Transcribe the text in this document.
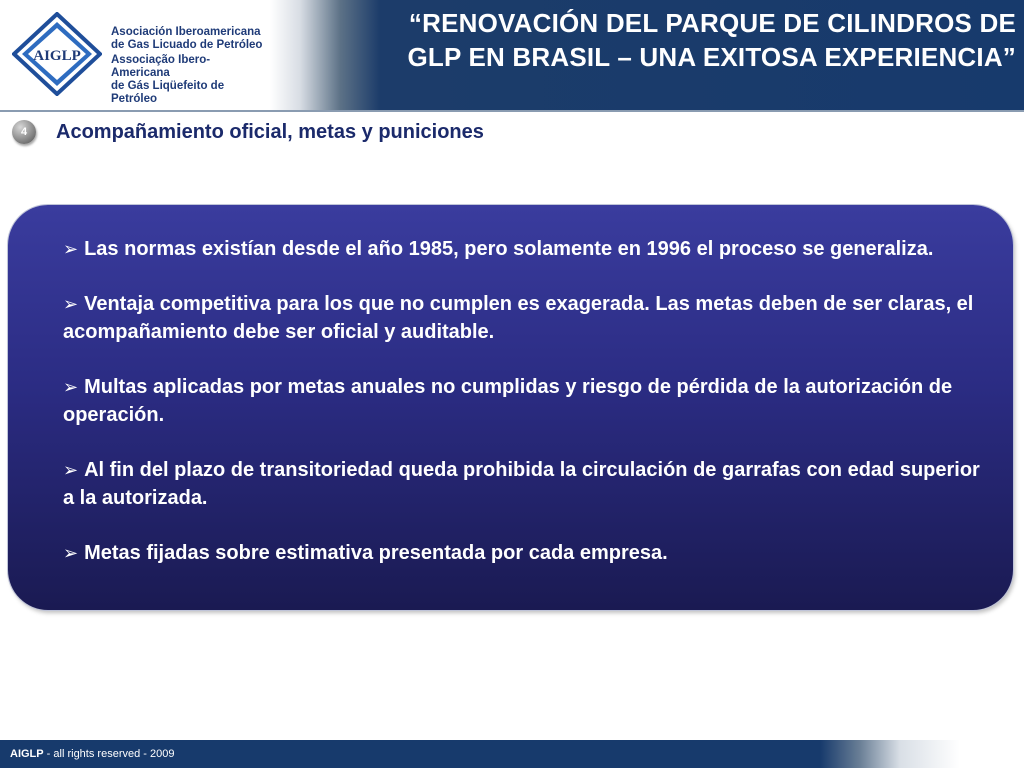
AIGLP
Asociación Iberoamericana
de Gas Licuado de Petróleo
Associação Ibero-Americana
de Gás Liqüefeito de Petróleo
“RENOVACIÓN DEL PARQUE DE CILINDROS DE
GLP EN BRASIL – UNA EXITOSA EXPERIENCIA”
4	Acompañamiento oficial, metas y puniciones
➢ Las normas existían desde el año 1985, pero solamente en 1996 el proceso se generaliza.
➢ Ventaja competitiva para los que no cumplen es exagerada. Las metas deben de ser claras, el acompañamiento debe ser oficial y auditable.
➢ Multas aplicadas por metas anuales no cumplidas y riesgo de pérdida de la autorización de operación.
➢ Al fin del plazo de transitoriedad queda prohibida la circulación de garrafas con edad superior a la autorizada.
➢ Metas fijadas sobre estimativa presentada por cada empresa.
AIGLP - all rights reserved - 2009
